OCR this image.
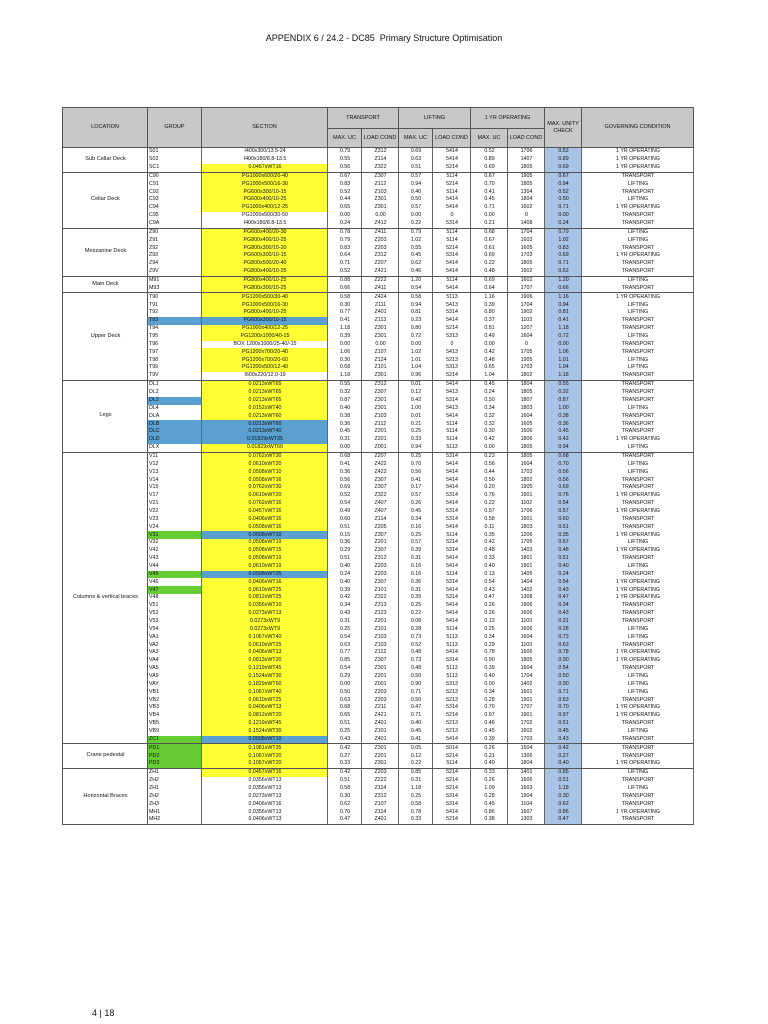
APPENDIX 6 / 24.2 - DC85  Primary Structure Optimisation
LOCATION	GROUP	SECTION	TRANSPORT		LIFTING		1 YR OPERATING		MAX. UNITY CHECK	GOVERNING CONDITION
			MAX. UC	LOAD COND	MAX. UC	LOAD COND	MAX. UC	LOAD COND		
Sub Cellar Deck	S01	I400x300/13.5-24	0.79	Z312	0.69	5414	0.52	1706	0.52	1 YR OPERATING
	S02	I400x180/8.8-13.5	0.55	Z114	0.63	5414	0.89	1407	0.89	1 YR OPERATING
	SC1	0.0457xWT16	0.56	Z322	0.51	5214	0.69	1805	0.69	1 YR OPERATING
Cellar Deck	C90	PG1000x600/20-40	0.67	Z307	0.57	5114	0.67	1905	0.67	TRANSPORT
	C91	PG1000x500/16-30	0.83	Z112	0.94	5214	0.70	1805	0.94	LIFTING
	C92	PG600x300/10-15	0.52	Z103	0.40	5114	0.41	1304	0.52	TRANSPORT
	C93	PG600x400/10-25	0.44	Z301	0.50	5414	0.45	1804	0.50	LIFTING
	C94	PG1000x400/12-25	0.65	Z301	0.57	5414	0.71	1602	0.71	1 YR OPERATING
	C95	PG1000x500/30-50	0.00	0.00	0.00	0	0.00	0	0.00	TRANSPORT
	C9A	I400x180/8.8-13.5	0.24	Z412	0.22	5314	0.21	1408	0.24	TRANSPORT
Mezzanine Deck	Z90	PG600x400/20-30	0.78	Z411	0.79	5114	0.68	1704	0.79	LIFTING
	Z91	PG800x400/10-25	0.79	Z203	1.02	5114	0.67	1603	1.02	LIFTING
	Z92	PG800x300/10-20	0.83	Z203	0.55	5214	0.61	1605	0.83	TRANSPORT
	Z93	PG600x300/10-15	0.64	Z312	0.45	5314	0.69	1703	0.69	1 YR OPERATING
	Z94	PG800x500/20-40	0.71	Z207	0.62	5414	0.22	1805	0.71	TRANSPORT
	Z9V	PG800x400/10-25	0.52	Z421	0.46	5414	0.48	1902	0.52	TRANSPORT
Main Deck	M91	PG800x400/10-25	0.88	Z222	1.20	5114	0.69	1602	1.20	LIFTING
	M93	PG800x300/10-25	0.66	Z411	0.54	5414	0.64	1707	0.66	TRANSPORT
Upper Deck	T90	PG1200x500/30-40	0.58	Z424	0.58	5113	1.16	1906	1.16	1 YR OPERATING
	T91	PG1000x500/16-30	0.30	Z111	0.94	5413	0.39	1704	0.94	LIFTING
	T92	PG800x400/10-25	0.77	Z401	0.81	5314	0.80	1902	0.81	LIFTING
	T93	PG600x300/10-15	0.41	Z113	0.23	5414	0.37	1103	0.41	TRANSPORT
	T94	PG1000x400/12-25	1.18	Z301	0.80	5214	0.81	1207	1.18	TRANSPORT
	T95	PG1200x1000/40-15	0.39	Z301	0.72	5313	0.49	1604	0.72	LIFTING
	T96	BOX 1200x1000/25-40/-15	0.00	0.00	0.00	0	0.00	0	0.00	TRANSPORT
	T97	PG1200x700/20-40	1.06	Z107	1.02	5413	0.42	1705	1.06	TRANSPORT
	T98	PG1200x700/20-60	0.30	Z124	1.01	5213	0.48	1905	1.01	LIFTING
	T99	PG1200x500/12-40	0.68	Z101	1.04	5313	0.65	1703	1.04	LIFTING
	T9V	I600x220/12.0-19	1.18	Z301	0.96	5214	1.04	1802	1.18	TRANSPORT
Legs	DL1	0.0213xWT65	0.55	Z312	0.01	5414	0.45	1804	0.55	TRANSPORT
	DL2	0.0213xWT65	0.32	Z307	0.12	5413	0.24	1805	0.32	TRANSPORT
	DL3	0.0213xWT65	0.87	Z301	0.42	5314	0.50	1807	0.87	TRANSPORT
	DL4	0.0152xWT40	0.40	Z301	1.00	5413	0.34	1803	1.00	LIFTING
	DLA	0.0213xWT60	0.38	Z103	0.01	5414	0.32	1604	0.38	TRANSPORT
	DLB	0.0213xWT60	0.36	Z112	0.21	5114	0.32	1605	0.36	TRANSPORT
	DLC	0.0213xWT40	0.45	Z201	0.25	5114	0.30	1606	0.45	TRANSPORT
	DLD	0.01829xWT35	0.31	Z201	0.33	5114	0.42	1806	0.42	1 YR OPERATING
	DLX	0.01829xWT60	0.00	Z001	0.94	5113	0.00	1805	0.94	LIFTING
Columns & vertical braces	V11	0.0762xWT30	0.68	Z207	0.25	5314	0.23	1805	0.68	TRANSPORT
	V12	0.0610xWT20	0.41	Z422	0.70	5414	0.56	1604	0.70	LIFTING
	V13	0.0508xWT10	0.36	Z422	0.56	5414	0.44	1703	0.56	LIFTING
	V14	0.0508xWT16	0.56	Z307	0.41	5414	0.50	1802	0.56	TRANSPORT
	V15	0.0762xWT30	0.69	Z307	0.17	5414	0.20	1905	0.69	TRANSPORT
	V17	0.0610xWT20	0.52	Z322	0.57	5314	0.76	1901	0.76	1 YR OPERATING
	V21	0.0762xWT16	0.54	Z407	0.26	5414	0.22	1102	0.54	TRANSPORT
	V22	0.0457xWT16	0.49	Z407	0.45	5314	0.57	1706	0.57	1 YR OPERATING
	V23	0.0406xWT16	0.60	Z114	0.34	5314	0.58	1901	0.60	TRANSPORT
	V24	0.0508xWT16	0.51	Z205	0.16	5414	0.11	1803	0.51	TRANSPORT
	V31	0.0508xWT10	0.15	Z307	0.25	5114	0.35	1206	0.35	1 YR OPERATING
	V32	0.0508xWT19	0.36	Z201	0.57	5214	0.42	1705	0.57	LIFTING
	V42	0.0508xWT15	0.29	Z307	0.39	5314	0.48	1403	0.48	1 YR OPERATING
	V43	0.0508xWT19	0.51	Z312	0.31	5414	0.33	1801	0.51	TRANSPORT
	V44	0.0610xWT19	0.40	Z203	0.16	5414	0.40	1901	0.40	LIFTING
	V45	0.0508xWT25	0.24	Z203	0.16	5114	0.13	1405	0.24	TRANSPORT
	V46	0.0406xWT16	0.40	Z307	0.36	5314	0.54	1404	0.54	1 YR OPERATING
	V47	0.0610xWT25	0.39	Z101	0.31	5414	0.43	1402	0.43	1 YR OPERATING
	V48	0.0812xWT25	0.42	Z322	0.39	5314	0.47	1308	0.47	1 YR OPERATING
	V51	0.0356xWT10	0.34	Z313	0.25	5414	0.26	1906	0.34	TRANSPORT
	V52	0.0273xWT13	0.43	Z123	0.22	5414	0.26	1606	0.43	TRANSPORT
	V53	0.0273xWT9	0.31	Z201	0.08	5414	0.13	1103	0.31	TRANSPORT
	V54	0.0273xWT9	0.25	Z101	0.28	5114	0.25	1606	0.28	LIFTING
	VA1	0.1067xWT40	0.54	Z103	0.73	5113	0.34	1604	0.73	LIFTING
	VA2	0.0610xWT25	0.63	Z103	0.52	5113	0.29	1103	0.63	TRANSPORT
	VA3	0.0406xWT13	0.77	Z112	0.48	5414	0.78	1606	0.78	1 YR OPERATING
	VA4	0.0813xWT20	0.85	Z307	0.73	5314	0.90	1805	0.90	1 YR OPERATING
	VA5	0.1219xWT45	0.54	Z301	0.48	5113	0.39	1604	0.54	TRANSPORT
	VA9	0.1524xWT30	0.29	Z201	0.50	5113	0.40	1704	0.50	LIFTING
	VAY	0.1829xWT60	0.00	Z001	0.90	5313	0.00	1402	0.90	LIFTING
	VB1	0.1067xWT40	0.50	Z203	0.71	5213	0.34	1601	0.71	LIFTING
	VB2	0.0610xWT25	0.63	Z203	0.50	5213	0.28	1901	0.63	TRANSPORT
	VB3	0.0406xWT13	0.68	Z211	0.47	5314	0.70	1707	0.70	1 YR OPERATING
	VB4	0.0812xWT20	0.65	Z421	0.71	5214	0.97	1901	0.97	1 YR OPERATING
	VB5	0.1219xWT45	0.51	Z401	0.40	5213	0.46	1702	0.51	TRANSPORT
	VB9	0.1524xWT30	0.25	Z101	0.45	5213	0.45	1602	0.45	LIFTING
	ZC1	0.0508xWT10	0.43	Z401	0.41	5414	0.39	1703	0.43	TRANSPORT
Crane pedestal	PD1	0.1981xWT35	0.42	Z301	0.05	5014	0.26	1504	0.42	TRANSPORT
	PD2	0.1067xWT20	0.27	Z201	0.12	5214	0.21	1306	0.27	TRANSPORT
	PD3	0.1067xWT20	0.33	Z301	0.22	5114	0.40	1804	0.40	1 YR OPERATING
Horizontal Braces	ZH1	0.0457xWT16	0.42	Z203	0.85	5214	0.33	1401	0.85	LIFTING
	ZH2	0.0356xWT13	0.51	Z222	0.31	5214	0.26	1606	0.51	TRANSPORT
	ZH1	0.0356xWT13	0.58	Z114	1.18	5214	1.09	1603	1.18	LIFTING
	ZH2	0.0273xWT13	0.30	Z312	0.25	5314	0.28	1904	0.30	TRANSPORT
	ZH3	0.0406xWT16	0.62	Z107	0.58	5314	0.45	1104	0.62	TRANSPORT
	MH1	0.0356xWT13	0.70	Z114	0.78	5414	0.86	1607	0.86	1 YR OPERATING
	MH2	0.0406xWT13	0.47	Z401	0.33	5214	0.38	1303	0.47	TRANSPORT
4 | 18
